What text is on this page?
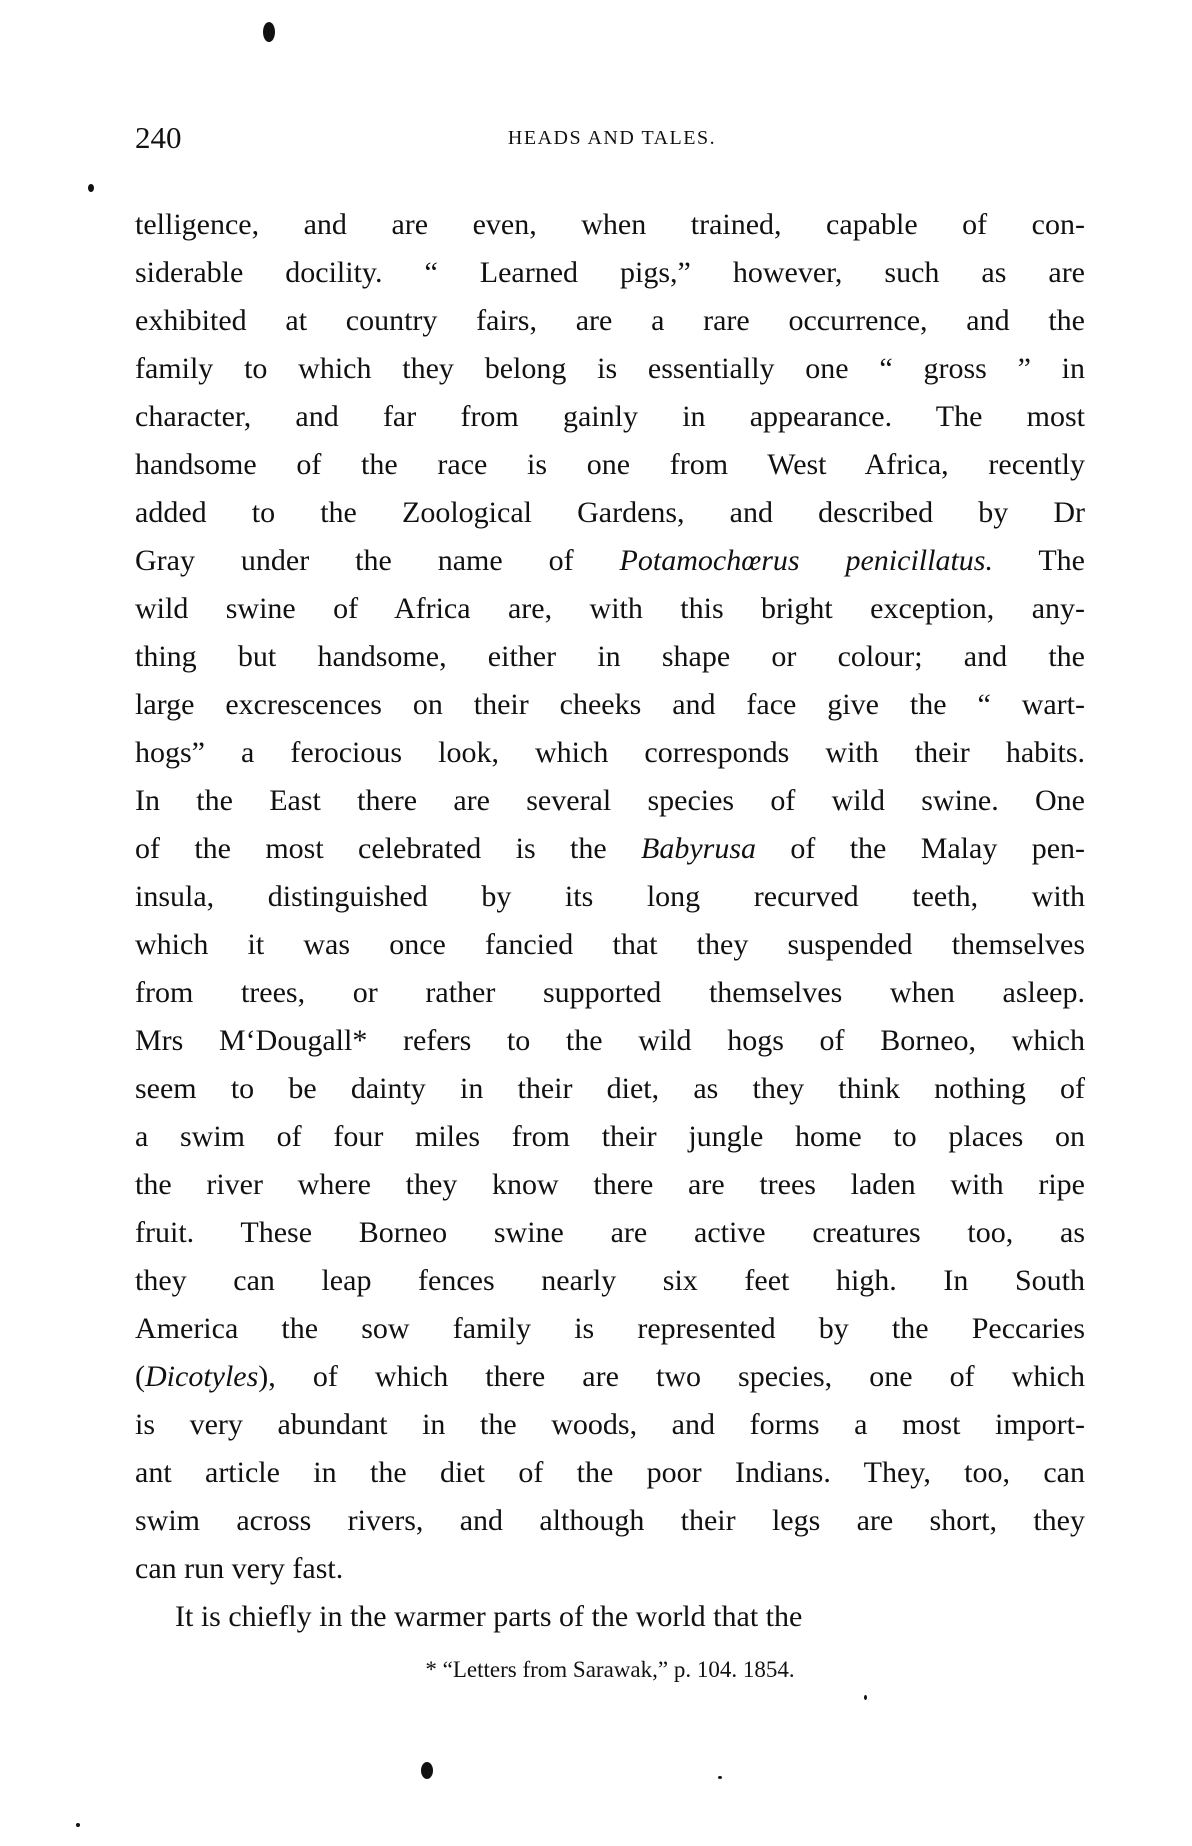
240	HEADS AND TALES.
telligence, and are even, when trained, capable of con-
siderable docility. “ Learned pigs,” however, such as are
exhibited at country fairs, are a rare occurrence, and the
family to which they belong is essentially one “ gross ” in
character, and far from gainly in appearance. The most
handsome of the race is one from West Africa, recently
added to the Zoological Gardens, and described by Dr
Gray under the name of Potamochœrus penicillatus. The
wild swine of Africa are, with this bright exception, any-
thing but handsome, either in shape or colour; and the
large excrescences on their cheeks and face give the “ wart-
hogs” a ferocious look, which corresponds with their habits.
In the East there are several species of wild swine. One
of the most celebrated is the Babyrusa of the Malay pen-
insula, distinguished by its long recurved teeth, with
which it was once fancied that they suspended themselves
from trees, or rather supported themselves when asleep.
Mrs M‘Dougall* refers to the wild hogs of Borneo, which
seem to be dainty in their diet, as they think nothing of
a swim of four miles from their jungle home to places on
the river where they know there are trees laden with ripe
fruit. These Borneo swine are active creatures too, as
they can leap fences nearly six feet high. In South
America the sow family is represented by the Peccaries
(Dicotyles), of which there are two species, one of which
is very abundant in the woods, and forms a most import-
ant article in the diet of the poor Indians. They, too, can
swim across rivers, and although their legs are short, they
can run very fast.
It is chiefly in the warmer parts of the world that the
* “Letters from Sarawak,” p. 104. 1854.
